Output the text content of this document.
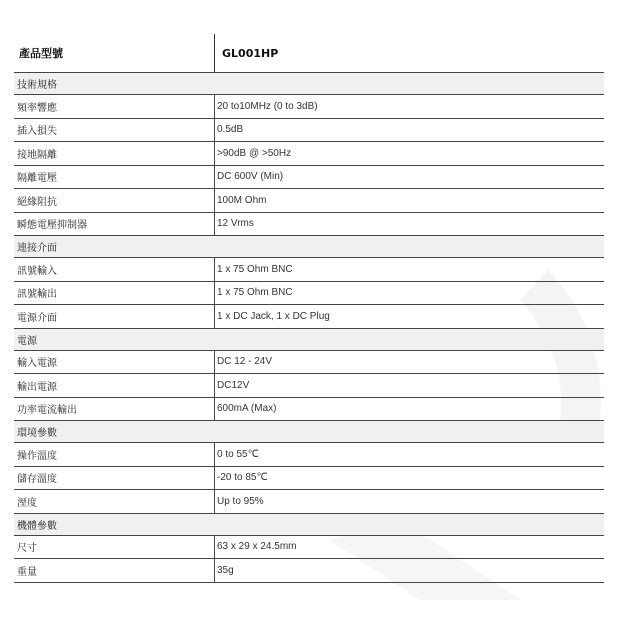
產品型號	GL001HP
技術規格
頻率響應	20 to10MHz (0 to 3dB)
插入損失	0.5dB
接地隔離	>90dB @ >50Hz
隔離電壓	DC 600V (Min)
絕緣阻抗	100M Ohm
瞬態電壓抑制器	12 Vrms
連接介面
訊號輸入	1 x 75 Ohm BNC
訊號輸出	1 x 75 Ohm BNC
電源介面	1 x DC Jack, 1 x DC Plug
電源
輸入電源	DC 12 - 24V
輸出電源	DC12V
功率電流輸出	600mA (Max)
環境參數
操作溫度	0 to 55℃
儲存溫度	-20 to 85℃
溼度	Up to 95%
機體參數
尺寸	63 x 29 x 24.5mm
重量	35g
